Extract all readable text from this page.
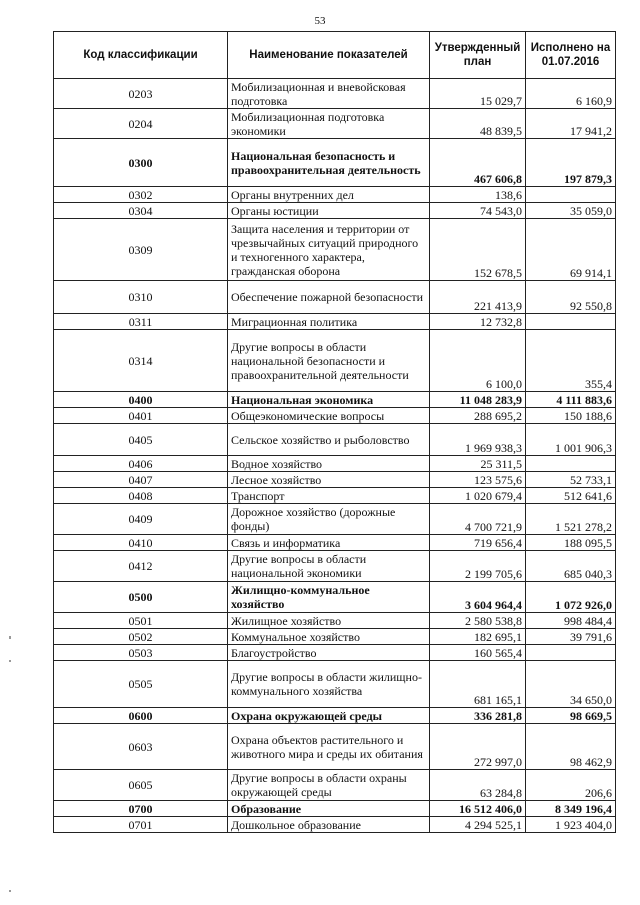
53
Код классификации	Наименование показателей	Утвержденный план	Исполнено на 01.07.2016
0203	Мобилизационная и вневойсковая подготовка	15 029,7	6 160,9
0204	Мобилизационная подготовка экономики	48 839,5	17 941,2
0300	Национальная безопасность и правоохранительная деятельность	467 606,8	197 879,3
0302	Органы внутренних дел	138,6	
0304	Органы юстиции	74 543,0	35 059,0
0309	Защита населения и территории от чрезвычайных ситуаций природного и техногенного характера, гражданская оборона	152 678,5	69 914,1
0310	Обеспечение пожарной безопасности	221 413,9	92 550,8
0311	Миграционная политика	12 732,8	
0314	Другие вопросы в области национальной безопасности и правоохранительной деятельности	6 100,0	355,4
0400	Национальная экономика	11 048 283,9	4 111 883,6
0401	Общеэкономические вопросы	288 695,2	150 188,6
0405	Сельское хозяйство и рыболовство	1 969 938,3	1 001 906,3
0406	Водное хозяйство	25 311,5	
0407	Лесное хозяйство	123 575,6	52 733,1
0408	Транспорт	1 020 679,4	512 641,6
0409	Дорожное хозяйство (дорожные фонды)	4 700 721,9	1 521 278,2
0410	Связь и информатика	719 656,4	188 095,5
0412	Другие вопросы в области национальной экономики	2 199 705,6	685 040,3
0500	Жилищно-коммунальное хозяйство	3 604 964,4	1 072 926,0
0501	Жилищное хозяйство	2 580 538,8	998 484,4
0502	Коммунальное хозяйство	182 695,1	39 791,6
0503	Благоустройство	160 565,4	
0505	Другие вопросы в области жилищно-коммунального хозяйства	681 165,1	34 650,0
0600	Охрана окружающей среды	336 281,8	98 669,5
0603	Охрана объектов растительного и животного мира и среды их обитания	272 997,0	98 462,9
0605	Другие вопросы в области охраны окружающей среды	63 284,8	206,6
0700	Образование	16 512 406,0	8 349 196,4
0701	Дошкольное образование	4 294 525,1	1 923 404,0
